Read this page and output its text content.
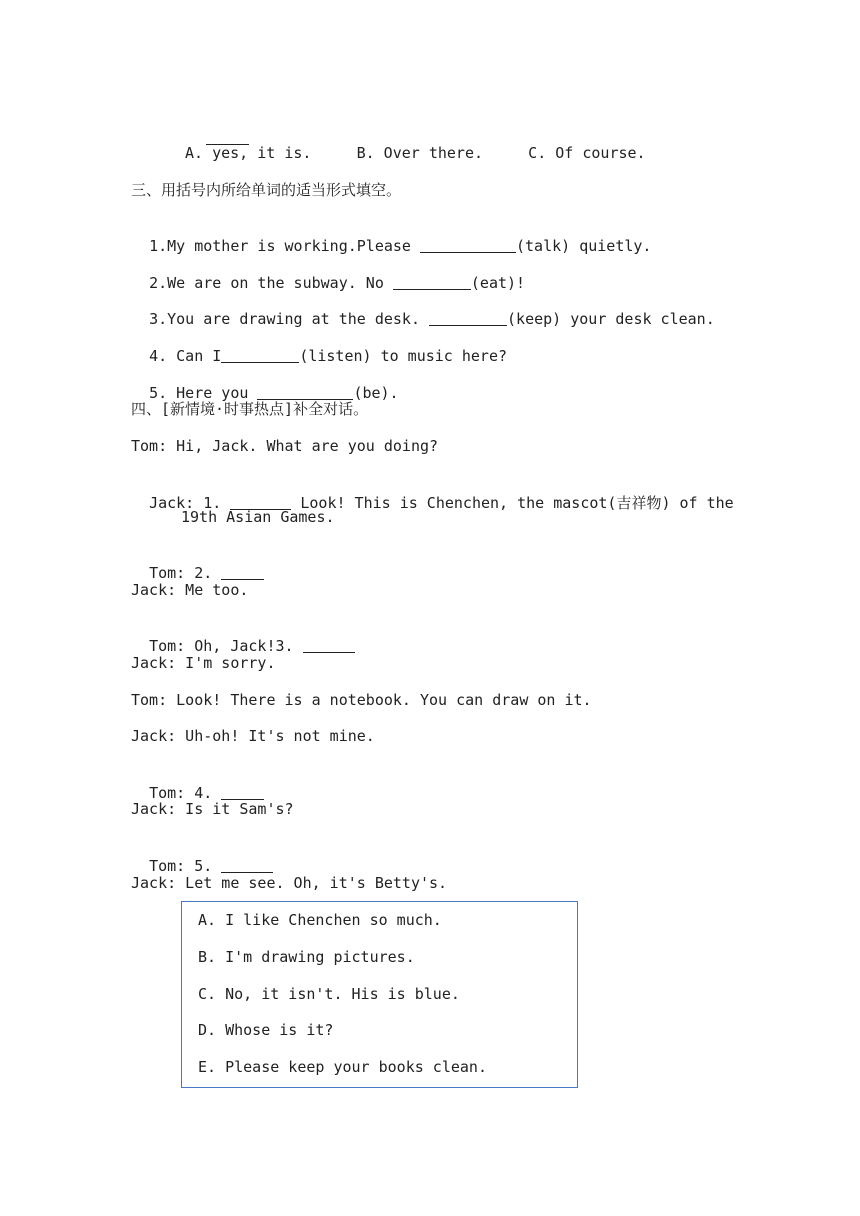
A. yes, it is.     B. Over there.     C. Of course.
三、用括号内所给单词的适当形式填空。

1.My mother is working.Please	(talk) quietly.

2.We are on the subway. No	(eat)!

3.You are drawing at the desk.	(keep) your desk clean.

4. Can I	(listen) to music here?

5. Here you	(be).

四、[新情境·时事热点]补全对话。
Tom: Hi, Jack. What are you doing?

Jack: 1.	Look! This is Chenchen, the mascot(吉祥物) of the

19th Asian Games.

Tom: 2.

Jack: Me too.

Tom: Oh, Jack!3.

Jack: I'm sorry.
Tom: Look! There is a notebook. You can draw on it.
Jack: Uh-oh! It's not mine.

Tom: 4.

Jack: Is it Sam's?

Tom: 5.

Jack: Let me see. Oh, it's Betty's.
A. I like Chenchen so much.
B. I'm drawing pictures.
C. No, it isn't. His is blue.
D. Whose is it?
E. Please keep your books clean.
